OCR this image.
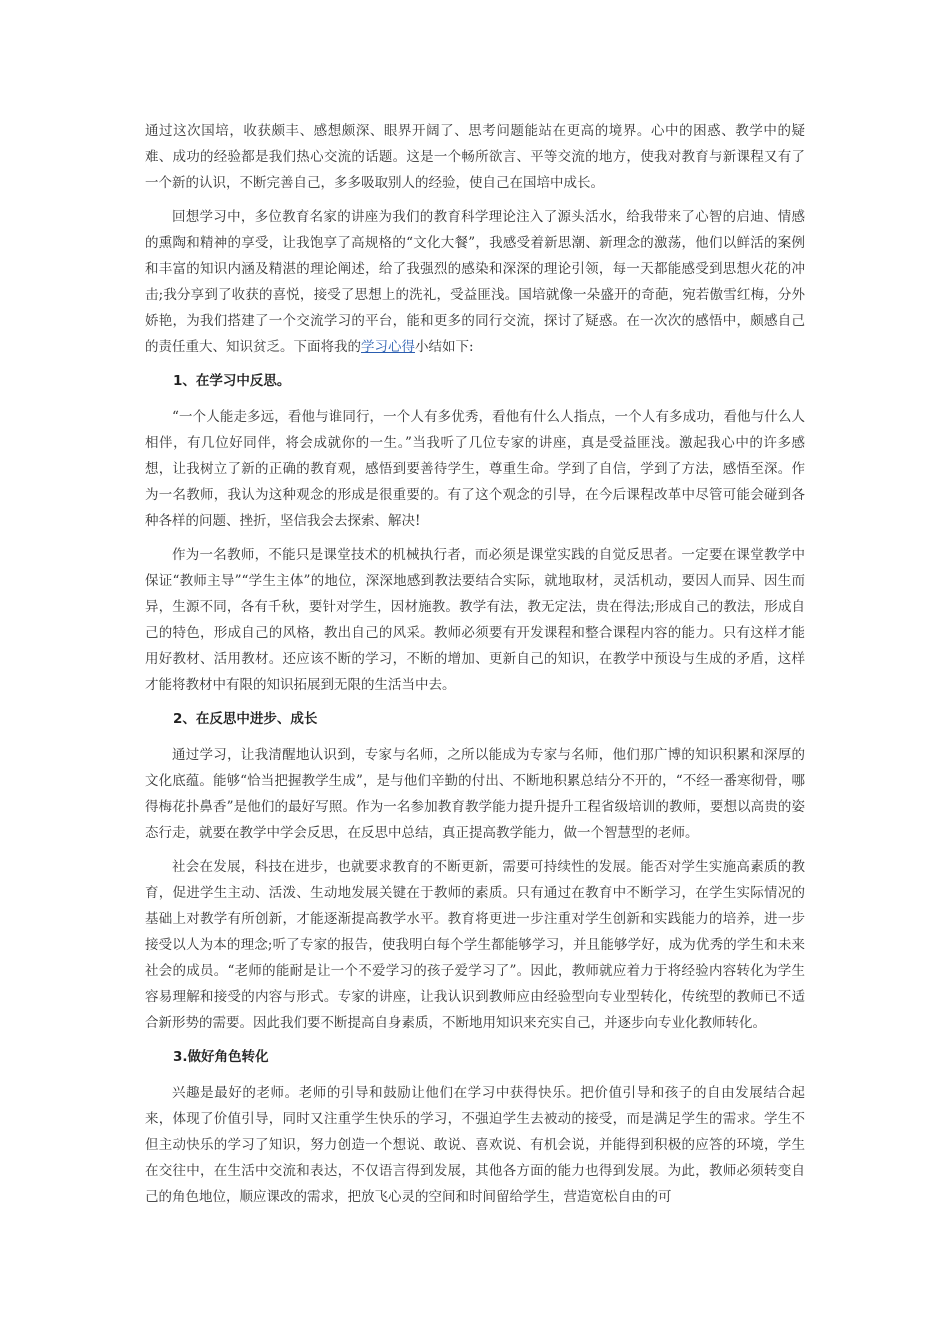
通过这次国培，收获颇丰、感想颇深、眼界开阔了、思考问题能站在更高的境界。心中的困惑、教学中的疑难、成功的经验都是我们热心交流的话题。这是一个畅所欲言、平等交流的地方，使我对教育与新课程又有了一个新的认识，不断完善自己，多多吸取别人的经验，使自己在国培中成长。

回想学习中，多位教育名家的讲座为我们的教育科学理论注入了源头活水，给我带来了心智的启迪、情感的熏陶和精神的享受，让我饱享了高规格的“文化大餐”，我感受着新思潮、新理念的激荡，他们以鲜活的案例和丰富的知识内涵及精湛的理论阐述，给了我强烈的感染和深深的理论引领，每一天都能感受到思想火花的冲击;我分享到了收获的喜悦，接受了思想上的洗礼，受益匪浅。国培就像一朵盛开的奇葩，宛若傲雪红梅，分外娇艳，为我们搭建了一个交流学习的平台，能和更多的同行交流，探讨了疑惑。在一次次的感悟中，颇感自己的责任重大、知识贫乏。下面将我的学习心得小结如下:

1、在学习中反思。

“一个人能走多远，看他与谁同行，一个人有多优秀，看他有什么人指点，一个人有多成功，看他与什么人相伴，有几位好同伴，将会成就你的一生。”当我听了几位专家的讲座，真是受益匪浅。激起我心中的许多感想，让我树立了新的正确的教育观，感悟到要善待学生，尊重生命。学到了自信，学到了方法，感悟至深。作为一名教师，我认为这种观念的形成是很重要的。有了这个观念的引导，在今后课程改革中尽管可能会碰到各种各样的问题、挫折，坚信我会去探索、解决!

作为一名教师，不能只是课堂技术的机械执行者，而必须是课堂实践的自觉反思者。一定要在课堂教学中保证“教师主导”“学生主体”的地位，深深地感到教法要结合实际，就地取材，灵活机动，要因人而异、因生而异，生源不同，各有千秋，要针对学生，因材施教。教学有法，教无定法，贵在得法;形成自己的教法，形成自己的特色，形成自己的风格，教出自己的风采。教师必须要有开发课程和整合课程内容的能力。只有这样才能用好教材、活用教材。还应该不断的学习，不断的增加、更新自己的知识，在教学中预设与生成的矛盾，这样才能将教材中有限的知识拓展到无限的生活当中去。

2、在反思中进步、成长

通过学习，让我清醒地认识到，专家与名师，之所以能成为专家与名师，他们那广博的知识积累和深厚的文化底蕴。能够“恰当把握教学生成”，是与他们辛勤的付出、不断地积累总结分不开的，“不经一番寒彻骨，哪得梅花扑鼻香”是他们的最好写照。作为一名参加教育教学能力提升提升工程省级培训的教师，要想以高贵的姿态行走，就要在教学中学会反思，在反思中总结，真正提高教学能力，做一个智慧型的老师。

社会在发展，科技在进步，也就要求教育的不断更新，需要可持续性的发展。能否对学生实施高素质的教育，促进学生主动、活泼、生动地发展关键在于教师的素质。只有通过在教育中不断学习，在学生实际情况的基础上对教学有所创新，才能逐渐提高教学水平。教育将更进一步注重对学生创新和实践能力的培养，进一步接受以人为本的理念;听了专家的报告，使我明白每个学生都能够学习，并且能够学好，成为优秀的学生和未来社会的成员。“老师的能耐是让一个不爱学习的孩子爱学习了”。因此，教师就应着力于将经验内容转化为学生容易理解和接受的内容与形式。专家的讲座，让我认识到教师应由经验型向专业型转化，传统型的教师已不适合新形势的需要。因此我们要不断提高自身素质，不断地用知识来充实自己，并逐步向专业化教师转化。

3.做好角色转化

兴趣是最好的老师。老师的引导和鼓励让他们在学习中获得快乐。把价值引导和孩子的自由发展结合起来，体现了价值引导，同时又注重学生快乐的学习，不强迫学生去被动的接受，而是满足学生的需求。学生不但主动快乐的学习了知识，努力创造一个想说、敢说、喜欢说、有机会说，并能得到积极的应答的环境，学生在交往中，在生活中交流和表达，不仅语言得到发展，其他各方面的能力也得到发展。为此，教师必须转变自己的角色地位，顺应课改的需求，把放飞心灵的空间和时间留给学生，营造宽松自由的可
